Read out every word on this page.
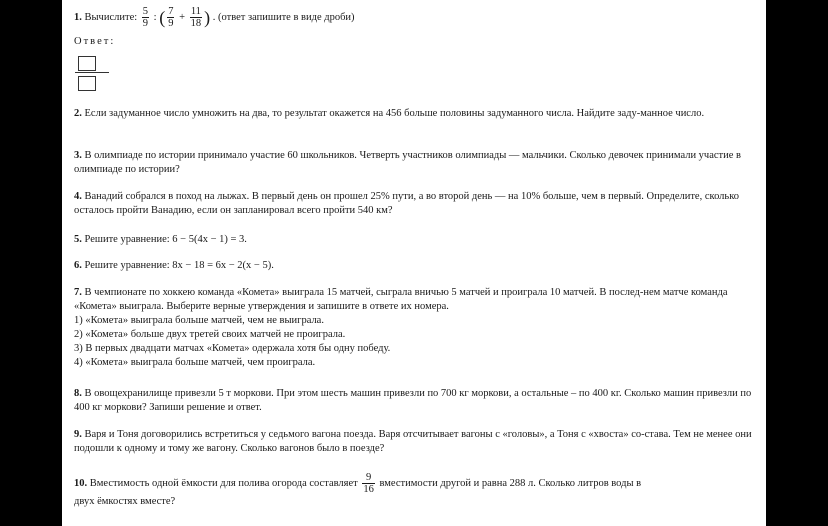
1. Вычислите: $\frac{5}{9}$ : ( $\frac{7}{9} + \frac{11}{18}$ ) . (ответ запишите в виде дроби)
Ответ:
2. Если задуманное число умножить на два, то результат окажется на 456 больше половины задуманного числа. Найдите заду-манное число.
3. В олимпиаде по истории принимало участие 60 школьников. Четверть участников олимпиады — мальчики. Сколько девочек принимали участие в олимпиаде по истории?
4. Ванадий собрался в поход на лыжах. В первый день он прошел 25% пути, а во второй день — на 10% больше, чем в первый. Определите, сколько осталось пройти Ванадию, если он запланировал всего пройти 540 км?
5. Решите уравнение: 6 − 5(4x − 1) = 3.
6. Решите уравнение: 8x − 18 = 6x − 2(x − 5).
7. В чемпионате по хоккею команда «Комета» выиграла 15 матчей, сыграла вничью 5 матчей и проиграла 10 матчей. В послед-нем матче команда «Комета» выиграла. Выберите верные утверждения и запишите в ответе их номера.
1) «Комета» выиграла больше матчей, чем не выиграла.
2) «Комета» больше двух третей своих матчей не проиграла.
3) В первых двадцати матчах «Комета» одержала хотя бы одну победу.
4) «Комета» выиграла больше матчей, чем проиграла.
8. В овощехранилище привезли 5 т моркови. При этом шесть машин привезли по 700 кг моркови, а остальные – по 400 кг. Сколько машин привезли по 400 кг моркови? Запиши решение и ответ.
9. Варя и Тоня договорились встретиться у седьмого вагона поезда. Варя отсчитывает вагоны с «головы», а Тоня с «хвоста» со-става. Тем не менее они подошли к одному и тому же вагону. Сколько вагонов было в поезде?
10. Вместимость одной ёмкости для полива огорода составляет $\frac{9}{16}$ вместимости другой и равна 288 л. Сколько литров воды в
двух ёмкостях вместе?
